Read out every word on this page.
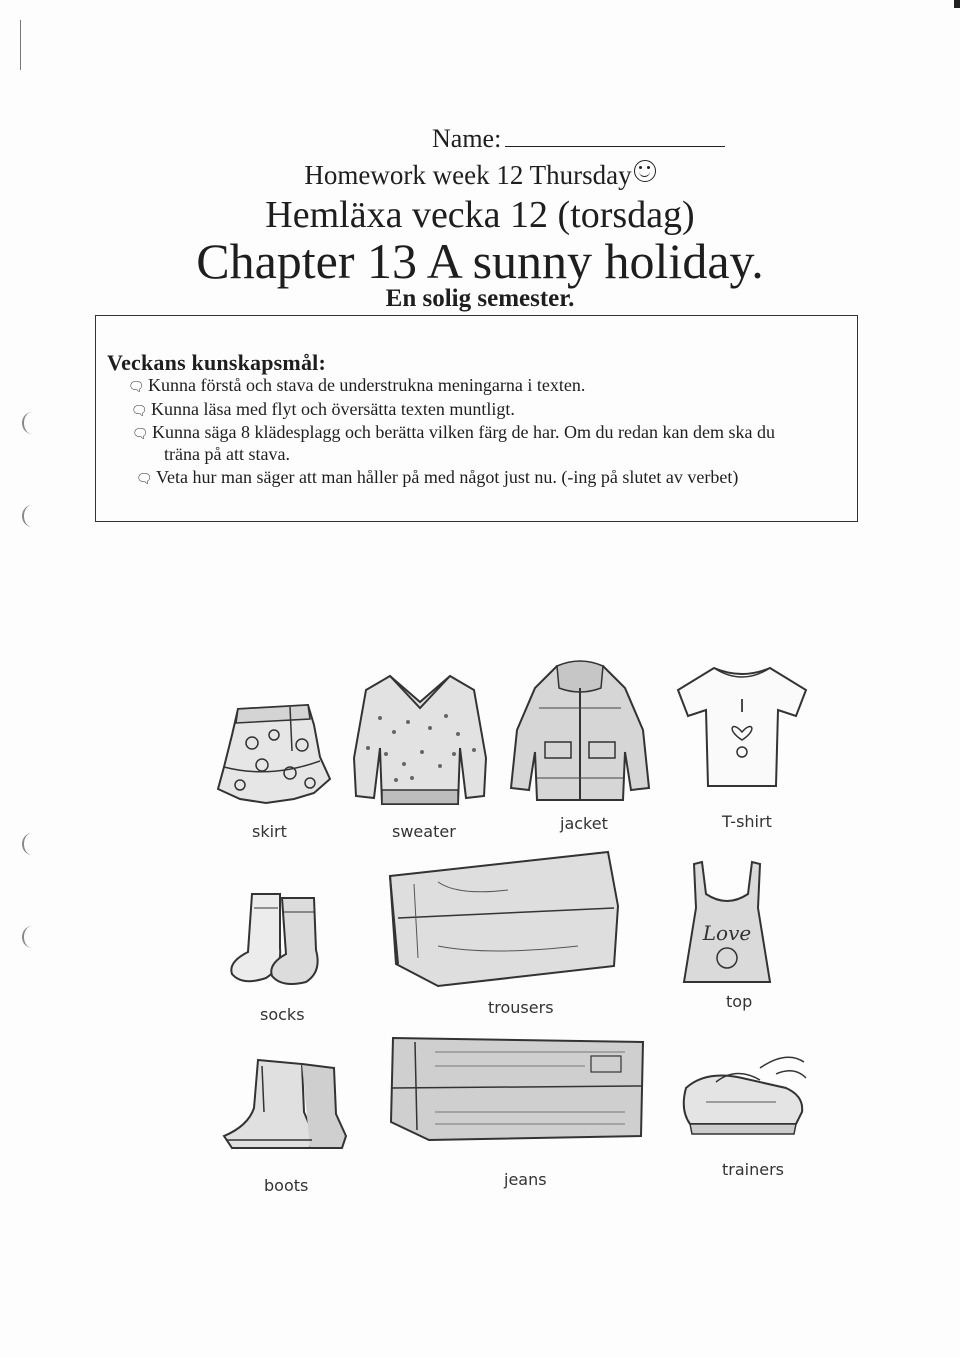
Name:
Homework week 12 Thursday
Hemläxa vecka 12 (torsdag)
Chapter 13 A sunny holiday.
En solig semester.
Veckans kunskapsmål:
🗨 Kunna förstå och stava de understrukna meningarna i texten.
🗨 Kunna läsa med flyt och översätta texten muntligt.
🗨 Kunna säga 8 klädesplagg och berätta vilken färg de har. Om du redan kan dem ska du
träna på att stava.
🗨 Veta hur man säger att man håller på med något just nu. (-ing på slutet av verbet)
skirt	sweater	jacket
I
T-shirt
socks	trousers
Love
top
boots	jeans
trainers
